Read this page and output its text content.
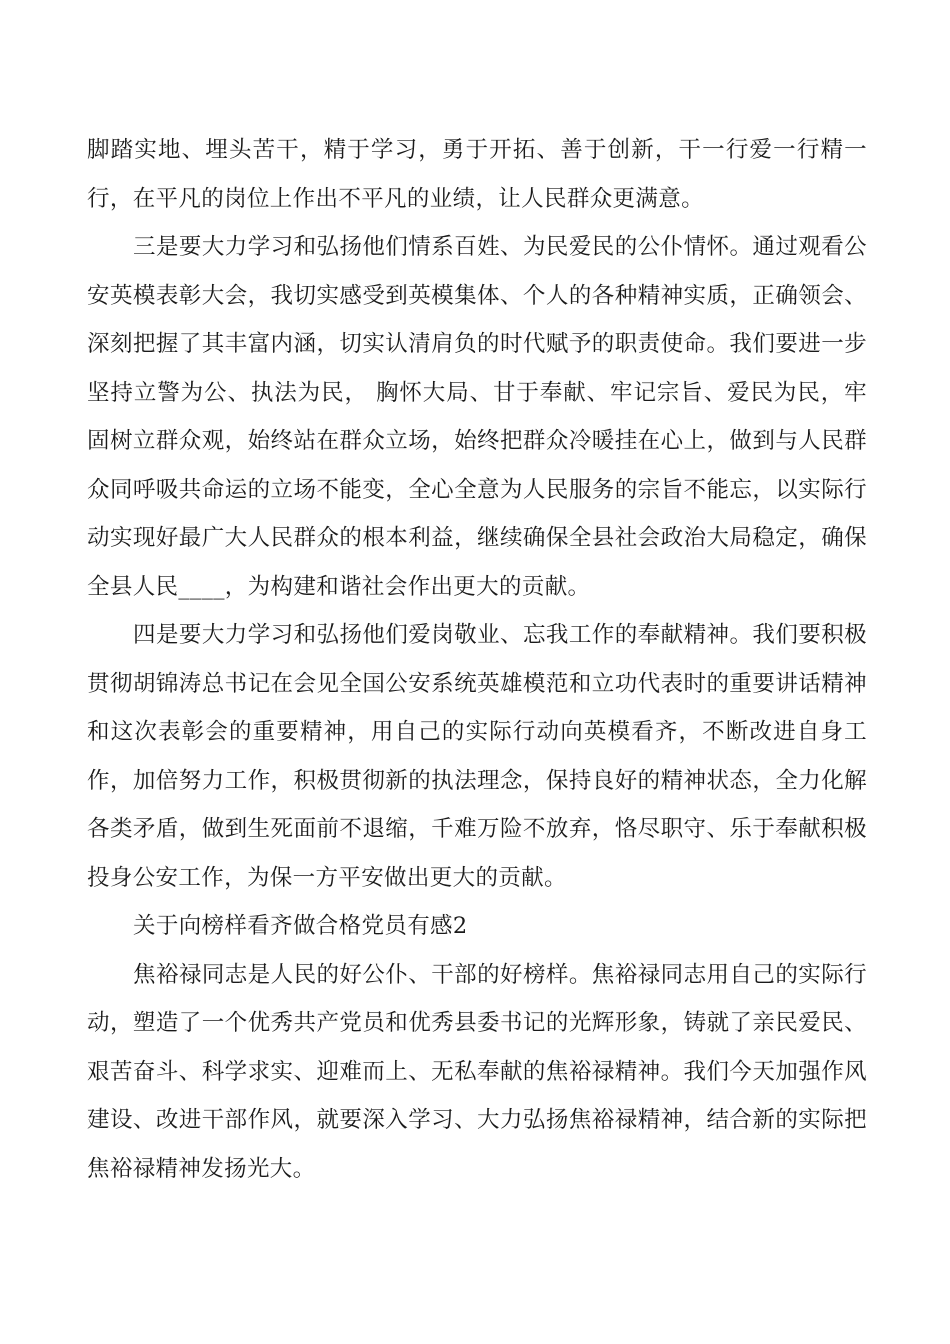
脚踏实地、埋头苦干，精于学习，勇于开拓、善于创新，干一行爱一行精一行，在平凡的岗位上作出不平凡的业绩，让人民群众更满意。

三是要大力学习和弘扬他们情系百姓、为民爱民的公仆情怀。通过观看公安英模表彰大会，我切实感受到英模集体、个人的各种精神实质，正确领会、深刻把握了其丰富内涵，切实认清肩负的时代赋予的职责使命。我们要进一步坚持立警为公、执法为民， 胸怀大局、甘于奉献、牢记宗旨、爱民为民，牢固树立群众观，始终站在群众立场，始终把群众冷暖挂在心上，做到与人民群众同呼吸共命运的立场不能变，全心全意为人民服务的宗旨不能忘，以实际行动实现好最广大人民群众的根本利益，继续确保全县社会政治大局稳定，确保全县人民____，为构建和谐社会作出更大的贡献。

四是要大力学习和弘扬他们爱岗敬业、忘我工作的奉献精神。我们要积极贯彻胡锦涛总书记在会见全国公安系统英雄模范和立功代表时的重要讲话精神和这次表彰会的重要精神，用自己的实际行动向英模看齐，不断改进自身工作，加倍努力工作，积极贯彻新的执法理念，保持良好的精神状态，全力化解各类矛盾，做到生死面前不退缩，千难万险不放弃，恪尽职守、乐于奉献积极投身公安工作，为保一方平安做出更大的贡献。

关于向榜样看齐做合格党员有感2

焦裕禄同志是人民的好公仆、干部的好榜样。焦裕禄同志用自己的实际行动，塑造了一个优秀共产党员和优秀县委书记的光辉形象，铸就了亲民爱民、艰苦奋斗、科学求实、迎难而上、无私奉献的焦裕禄精神。我们今天加强作风建设、改进干部作风，就要深入学习、大力弘扬焦裕禄精神，结合新的实际把焦裕禄精神发扬光大。
